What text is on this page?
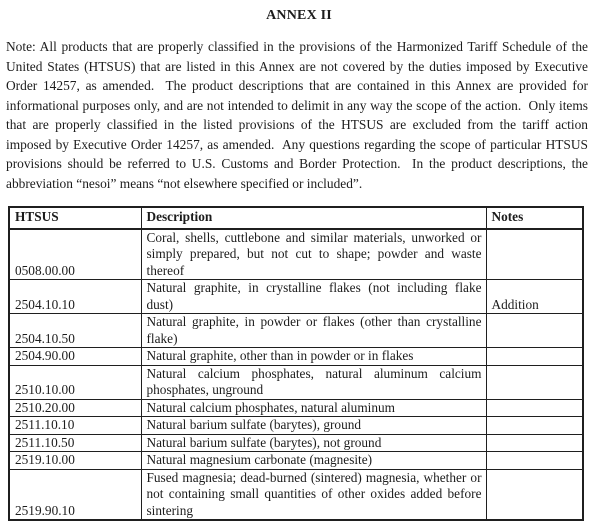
ANNEX II

Note: All products that are properly classified in the provisions of the Harmonized Tariff Schedule of the United States (HTSUS) that are listed in this Annex are not covered by the duties imposed by Executive Order 14257, as amended.  The product descriptions that are contained in this Annex are provided for informational purposes only, and are not intended to delimit in any way the scope of the action.  Only items that are properly classified in the listed provisions of the HTSUS are excluded from the tariff action imposed by Executive Order 14257, as amended.  Any questions regarding the scope of particular HTSUS provisions should be referred to U.S. Customs and Border Protection.  In the product descriptions, the abbreviation “nesoi” means “not elsewhere specified or included”.

HTSUS	Description	Notes
0508.00.00	Coral, shells, cuttlebone and similar materials, unworked or simply prepared, but not cut to shape; powder and waste thereof	
2504.10.10	Natural graphite, in crystalline flakes (not including flake dust)	Addition
2504.10.50	Natural graphite, in powder or flakes (other than crystalline flake)	
2504.90.00	Natural graphite, other than in powder or in flakes	
2510.10.00	Natural calcium phosphates, natural aluminum calcium phosphates, unground	
2510.20.00	Natural calcium phosphates, natural aluminum	
2511.10.10	Natural barium sulfate (barytes), ground	
2511.10.50	Natural barium sulfate (barytes), not ground	
2519.10.00	Natural magnesium carbonate (magnesite)	
2519.90.10	Fused magnesia; dead-burned (sintered) magnesia, whether or not containing small quantities of other oxides added before sintering	
